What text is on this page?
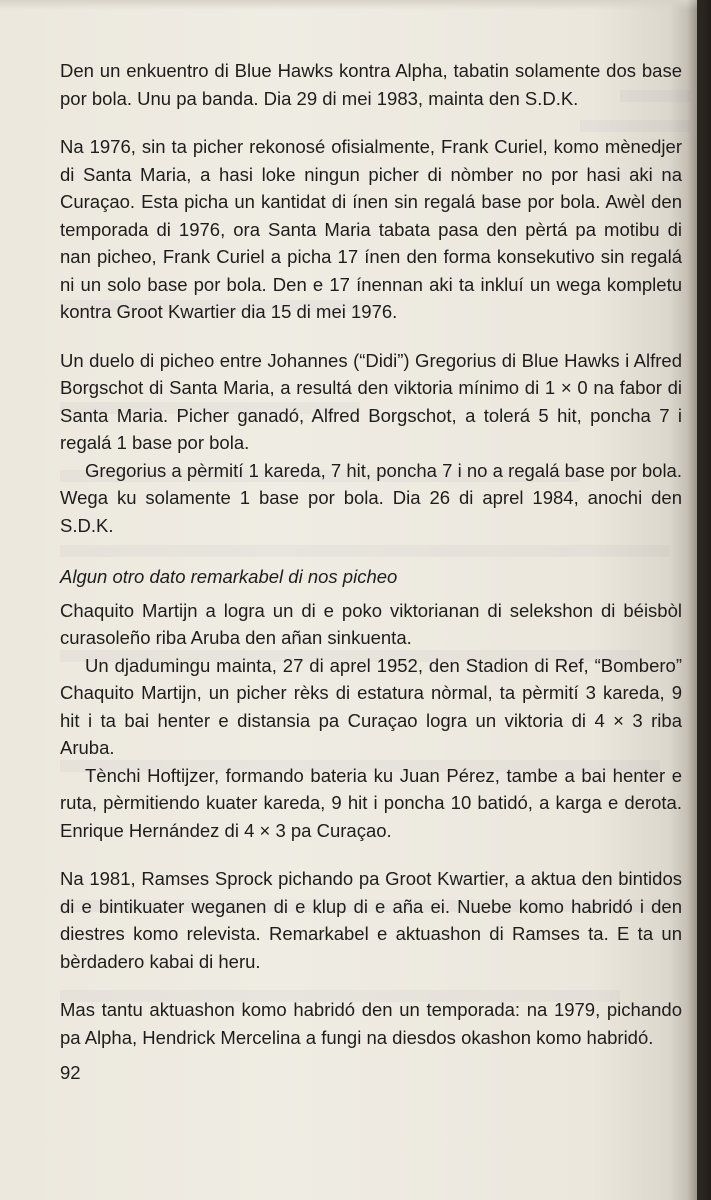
Den un enkuentro di Blue Hawks kontra Alpha, tabatin solamente dos base por bola. Unu pa banda. Dia 29 di mei 1983, mainta den S.D.K.

Na 1976, sin ta picher rekonosé ofisialmente, Frank Curiel, komo mènedjer di Santa Maria, a hasi loke ningun picher di nòmber no por hasi aki na Curaçao. Esta picha un kantidat di ínen sin regalá base por bola. Awèl den temporada di 1976, ora Santa Maria tabata pasa den pèrtá pa motibu di nan picheo, Frank Curiel a picha 17 ínen den forma konsekutivo sin regalá ni un solo base por bola. Den e 17 ínennan aki ta inkluí un wega kompletu kontra Groot Kwartier dia 15 di mei 1976.

Un duelo di picheo entre Johannes (“Didi”) Gregorius di Blue Hawks i Alfred Borgschot di Santa Maria, a resultá den viktoria mínimo di 1 × 0 na fabor di Santa Maria. Picher ganadó, Alfred Borgschot, a tolerá 5 hit, poncha 7 i regalá 1 base por bola.

Gregorius a pèrmití 1 kareda, 7 hit, poncha 7 i no a regalá base por bola. Wega ku solamente 1 base por bola. Dia 26 di aprel 1984, anochi den S.D.K.

Algun otro dato remarkabel di nos picheo

Chaquito Martijn a logra un di e poko viktorianan di selekshon di béisbòl curasoleño riba Aruba den añan sinkuenta.

Un djadumingu mainta, 27 di aprel 1952, den Stadion di Ref, “Bombero” Chaquito Martijn, un picher rèks di estatura nòrmal, ta pèrmití 3 kareda, 9 hit i ta bai henter e distansia pa Curaçao logra un viktoria di 4 × 3 riba Aruba.

Tènchi Hoftijzer, formando bateria ku Juan Pérez, tambe a bai henter e ruta, pèrmitiendo kuater kareda, 9 hit i poncha 10 batidó, a karga e derota. Enrique Hernández di 4 × 3 pa Curaçao.

Na 1981, Ramses Sprock pichando pa Groot Kwartier, a aktua den bintidos di e bintikuater weganen di e klup di e aña ei. Nuebe komo habridó i den diestres komo relevista. Remarkabel e aktuashon di Ramses ta. E ta un bèrdadero kabai di heru.

Mas tantu aktuashon komo habridó den un temporada: na 1979, pichando pa Alpha, Hendrick Mercelina a fungi na diesdos okashon komo habridó.

92
